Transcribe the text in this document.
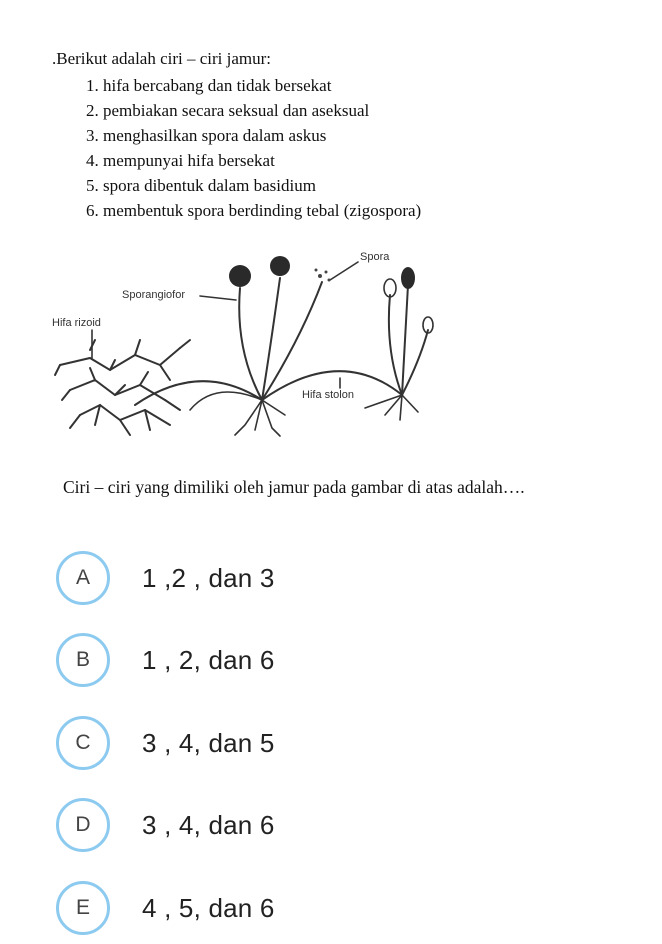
.Berikut adalah ciri – ciri jamur:
1. hifa bercabang dan tidak bersekat
2. pembiakan secara seksual dan aseksual
3. menghasilkan spora dalam askus
4. mempunyai hifa bersekat
5. spora dibentuk dalam basidium
6. membentuk spora berdinding tebal (zigospora)
Spora
Sporangiofor
Hifa rizoid
Hifa stolon
Ciri – ciri yang dimiliki oleh jamur pada gambar di atas adalah….
A	1 ,2 , dan 3
B	1 , 2, dan 6
C	3 , 4, dan 5
D	3 , 4, dan 6
E	4 , 5, dan 6
